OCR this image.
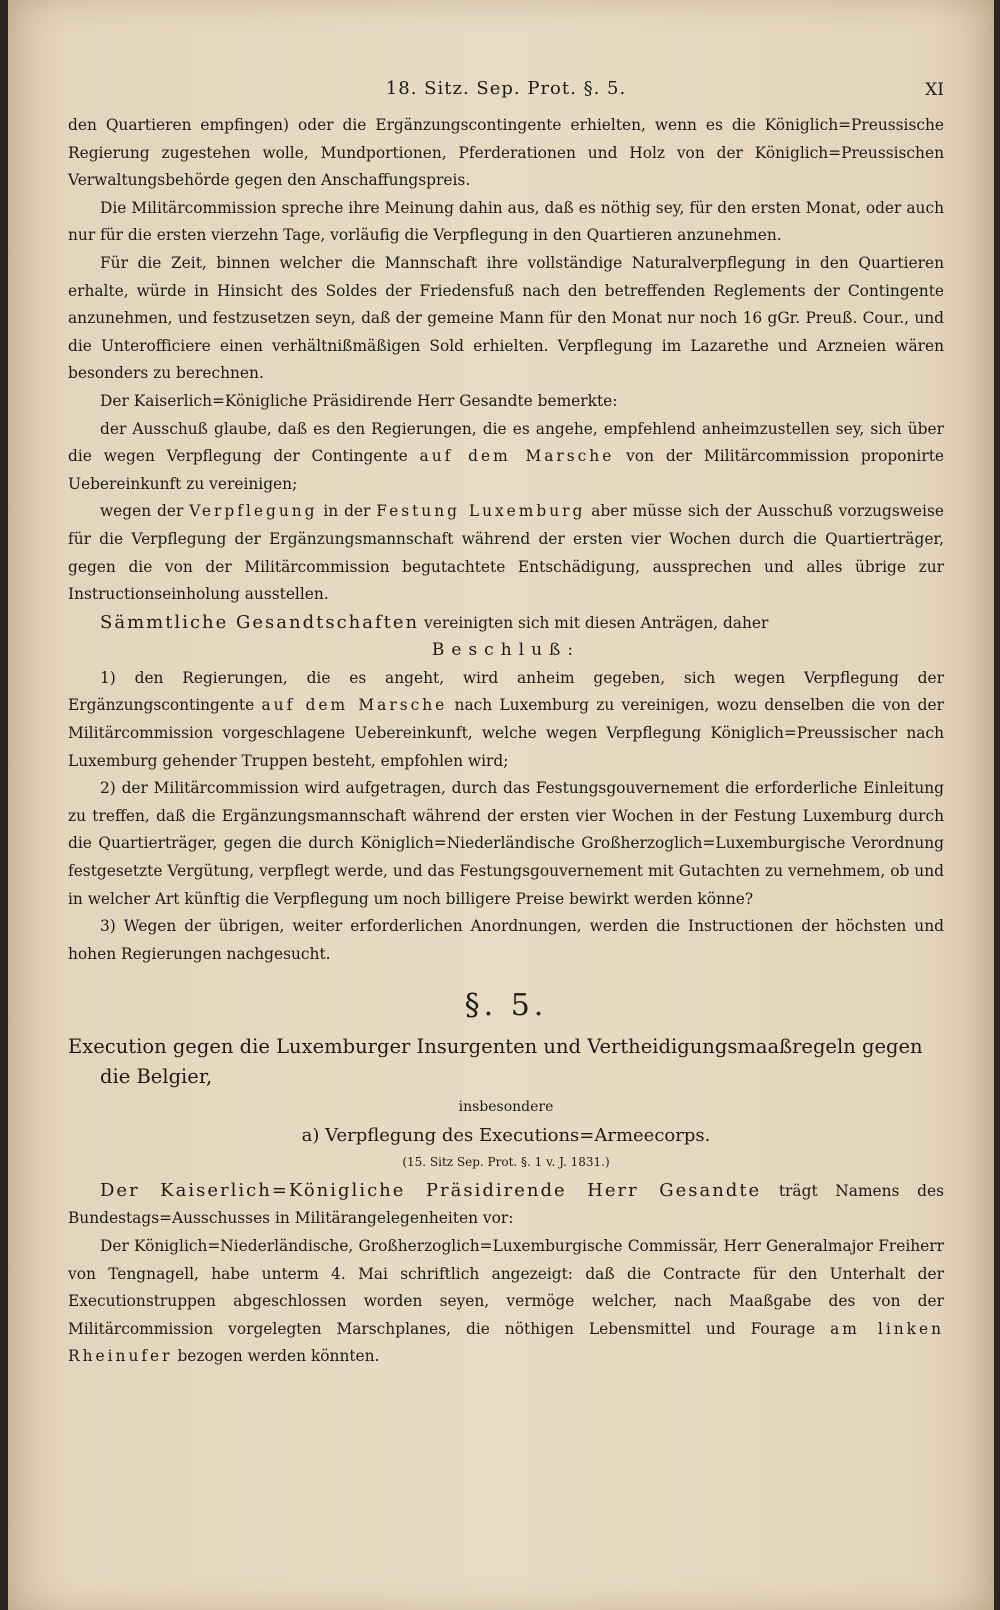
18. Sitz. Sep. Prot. §. 5.	XI

den Quartieren empfingen) oder die Ergänzungscontingente erhielten, wenn es die Königlich=Preussische Regierung zugestehen wolle, Mundportionen, Pferderationen und Holz von der Königlich=Preussischen Verwaltungsbehörde gegen den Anschaffungspreis.

Die Militärcommission spreche ihre Meinung dahin aus, daß es nöthig sey, für den ersten Monat, oder auch nur für die ersten vierzehn Tage, vorläufig die Verpflegung in den Quartieren anzunehmen.

Für die Zeit, binnen welcher die Mannschaft ihre vollständige Naturalverpflegung in den Quartieren erhalte, würde in Hinsicht des Soldes der Friedensfuß nach den betreffenden Reglements der Contingente anzunehmen, und festzusetzen seyn, daß der gemeine Mann für den Monat nur noch 16 gGr. Preuß. Cour., und die Unterofficiere einen verhältnißmäßigen Sold erhielten. Verpflegung im Lazarethe und Arzneien wären besonders zu berechnen.

Der Kaiserlich=Königliche Präsidirende Herr Gesandte bemerkte:

der Ausschuß glaube, daß es den Regierungen, die es angehe, empfehlend anheimzustellen sey, sich über die wegen Verpflegung der Contingente auf dem Marsche von der Militärcommission proponirte Uebereinkunft zu vereinigen;

wegen der Verpflegung in der Festung Luxemburg aber müsse sich der Ausschuß vorzugsweise für die Verpflegung der Ergänzungsmannschaft während der ersten vier Wochen durch die Quartierträger, gegen die von der Militärcommission begutachtete Entschädigung, aussprechen und alles übrige zur Instructionseinholung ausstellen.

Sämmtliche Gesandtschaften vereinigten sich mit diesen Anträgen, daher

Beschluß:

1) den Regierungen, die es angeht, wird anheim gegeben, sich wegen Verpflegung der Ergänzungscontingente auf dem Marsche nach Luxemburg zu vereinigen, wozu denselben die von der Militärcommission vorgeschlagene Uebereinkunft, welche wegen Verpflegung Königlich=Preussischer nach Luxemburg gehender Truppen besteht, empfohlen wird;

2) der Militärcommission wird aufgetragen, durch das Festungsgouvernement die erforderliche Einleitung zu treffen, daß die Ergänzungsmannschaft während der ersten vier Wochen in der Festung Luxemburg durch die Quartierträger, gegen die durch Königlich=Niederländische Großherzoglich=Luxemburgische Verordnung festgesetzte Vergütung, verpflegt werde, und das Festungsgouvernement mit Gutachten zu vernehmem, ob und in welcher Art künftig die Verpflegung um noch billigere Preise bewirkt werden könne?

3) Wegen der übrigen, weiter erforderlichen Anordnungen, werden die Instructionen der höchsten und hohen Regierungen nachgesucht.

§. 5.

Execution gegen die Luxemburger Insurgenten und Vertheidigungsmaaßregeln gegen
die Belgier,

insbesondere

a) Verpflegung des Executions=Armeecorps.

(15. Sitz Sep. Prot. §. 1 v. J. 1831.)

Der Kaiserlich=Königliche Präsidirende Herr Gesandte trägt Namens des Bundestags=Ausschusses in Militärangelegenheiten vor:

Der Königlich=Niederländische, Großherzoglich=Luxemburgische Commissär, Herr Generalmajor Freiherr von Tengnagell, habe unterm 4. Mai schriftlich angezeigt: daß die Contracte für den Unterhalt der Executionstruppen abgeschlossen worden seyen, vermöge welcher, nach Maaßgabe des von der Militärcommission vorgelegten Marschplanes, die nöthigen Lebensmittel und Fourage am linken Rheinufer bezogen werden könnten.
